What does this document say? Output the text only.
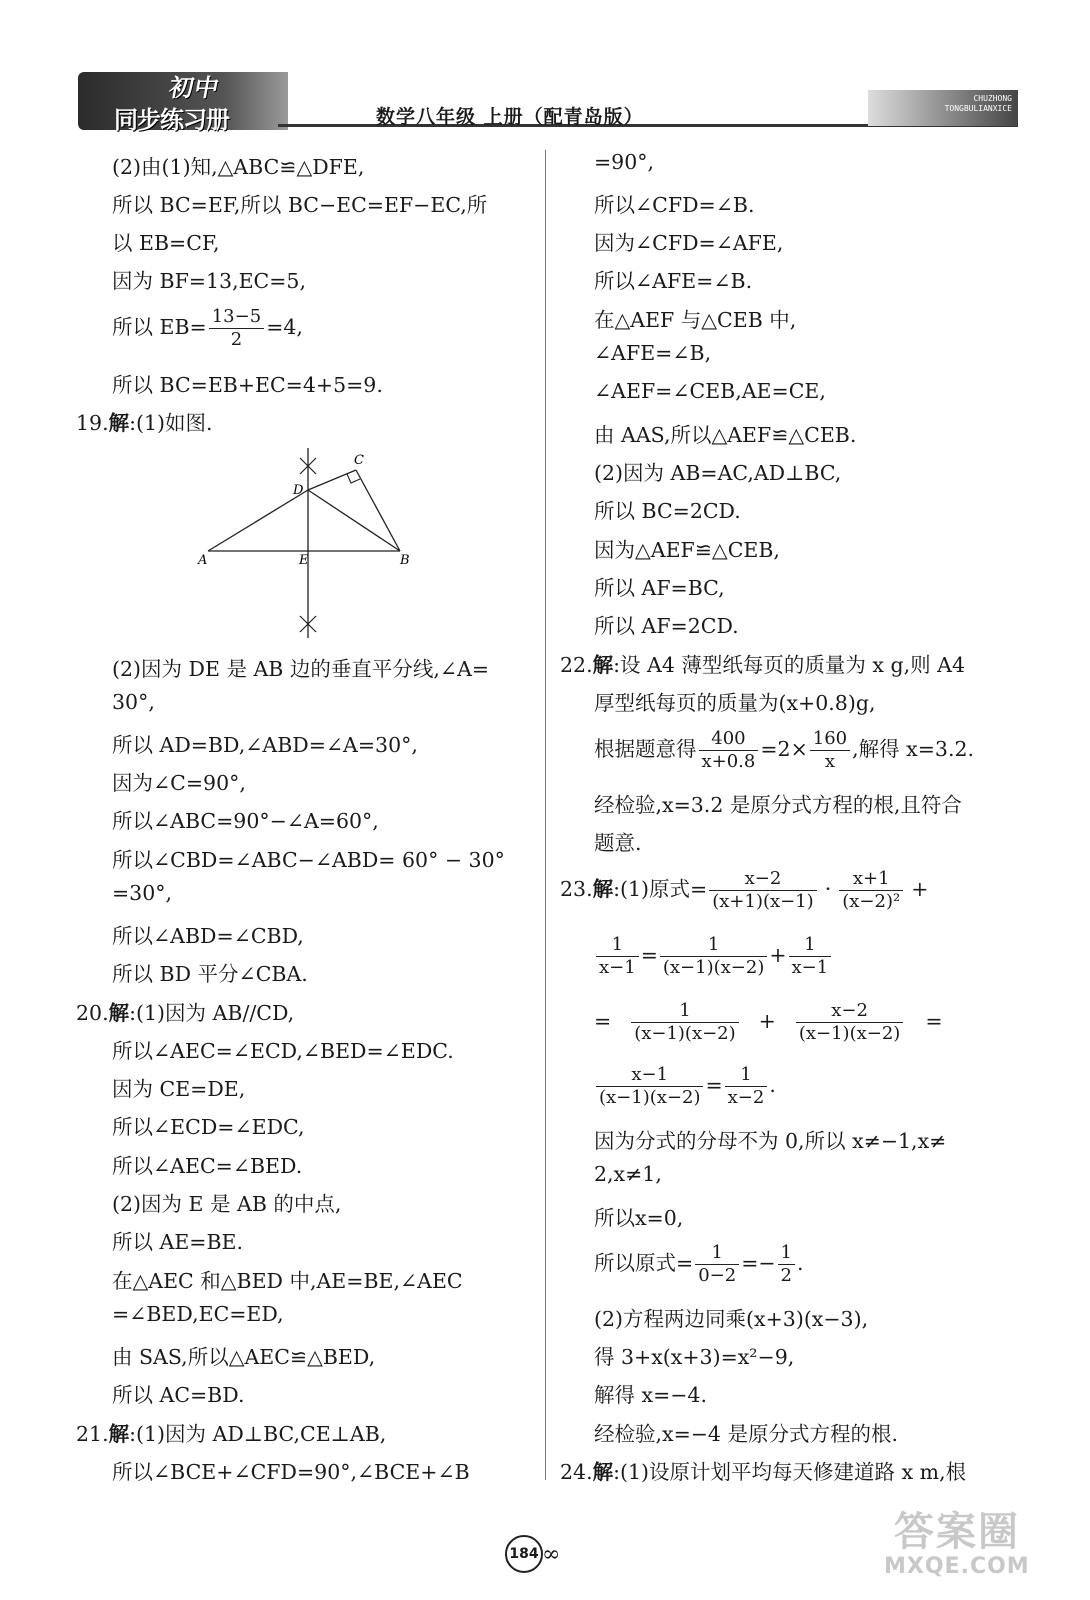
初中
同步练习册	数学八年级 上册（配青岛版）
CHUZHONG
TONGBULIANXICE
(2)由(1)知,△ABC≌△DFE,
所以 BC=EF,所以 BC−EC=EF−EC,所
以 EB=CF,
因为 BF=13,EC=5,
所以 $EB= \frac{13-5}{2} =4$,
所以 BC=EB+EC=4+5=9.
19.解:(1)如图.
A	B
C
D
E
(2)因为 DE 是 AB 边的垂直平分线,∠A=
30°,
所以 AD=BD,∠ABD=∠A=30°,
因为∠C=90°,
所以∠ABC=90°−∠A=60°,
所以∠CBD=∠ABC−∠ABD= 60° − 30°
=30°,
所以∠ABD=∠CBD,
所以 BD 平分∠CBA.
20.解:(1)因为 AB//CD,
所以∠AEC=∠ECD,∠BED=∠EDC.
因为 CE=DE,
所以∠ECD=∠EDC,
所以∠AEC=∠BED.
(2)因为 E 是 AB 的中点,
所以 AE=BE.
在△AEC 和△BED 中,AE=BE,∠AEC
=∠BED,EC=ED,
由 SAS,所以△AEC≌△BED,
所以 AC=BD.
21.解:(1)因为 AD⊥BC,CE⊥AB,
所以∠BCE+∠CFD=90°,∠BCE+∠B
=90°,
所以∠CFD=∠B.
因为∠CFD=∠AFE,
所以∠AFE=∠B.
在△AEF 与△CEB 中,
∠AFE=∠B,
∠AEF=∠CEB,AE=CE,
由 AAS,所以△AEF≌△CEB.
(2)因为 AB=AC,AD⊥BC,
所以 BC=2CD.
因为△AEF≌△CEB,
所以 AF=BC,
所以 AF=2CD.
22.解:设 A4 薄型纸每页的质量为 x g,则 A4
厚型纸每页的质量为(x+0.8)g,
根据题意得 $\frac{400}{x+0.8} =2\times \frac{160}{x}$ ,解得 x=3.2.
经检验,x=3.2 是原分式方程的根,且符合
题意.
23.解:(1)原式= $\frac{x-2}{(x+1)(x-1)} \cdot \frac{x+1}{\text{(x−2)²}}$ +
$\frac{1}{x-1} = \frac{1}{(x-1)(x-2)} + \frac{1}{x-1}$
= $\frac{1}{(x-1)(x-2)} + \frac{x-2}{(x-1)(x-2)}$ =
$\frac{x-1}{(x-1)(x-2)} = \frac{1}{x-2}$ .
因为分式的分母不为 0,所以 x≠−1,x≠
2,x≠1,
所以x=0,
所以原式= $\frac{1}{0-2} =- \frac{1}{2}$ .
(2)方程两边同乘(x+3)(x−3),
得 3+x(x+3)=x²−9,
解得 x=−4.
经检验,x=−4 是原分式方程的根.
24.解:(1)设原计划平均每天修建道路 x m,根
184 ∞	答案圈
MXQE.COM
